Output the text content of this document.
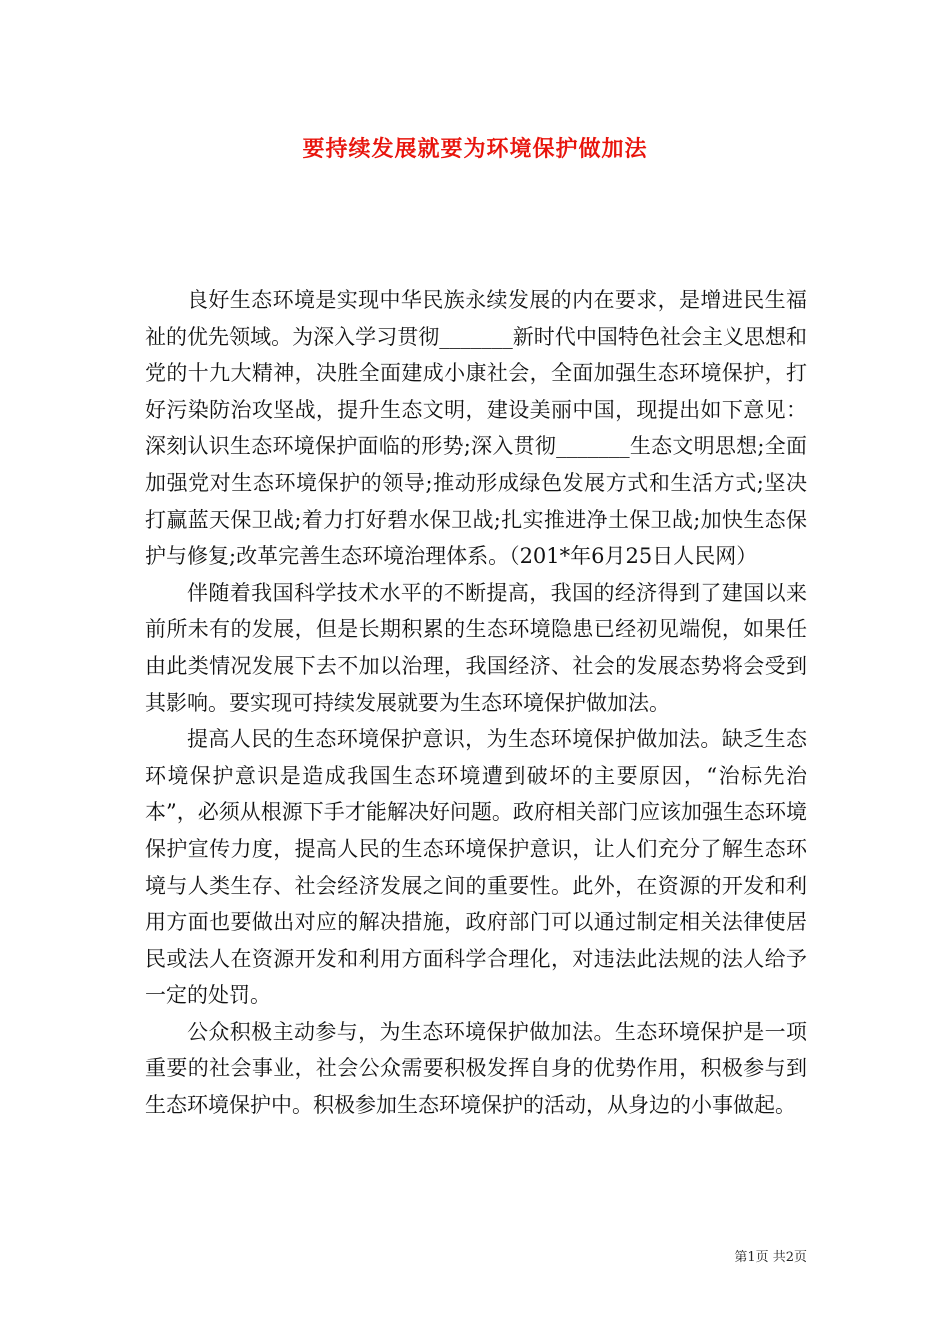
要持续发展就要为环境保护做加法

良好生态环境是实现中华民族永续发展的内在要求，是增进民生福祉的优先领域。为深入学习贯彻_______新时代中国特色社会主义思想和党的十九大精神，决胜全面建成小康社会，全面加强生态环境保护，打好污染防治攻坚战，提升生态文明，建设美丽中国，现提出如下意见：深刻认识生态环境保护面临的形势;深入贯彻_______生态文明思想;全面加强党对生态环境保护的领导;推动形成绿色发展方式和生活方式;坚决打赢蓝天保卫战;着力打好碧水保卫战;扎实推进净土保卫战;加快生态保护与修复;改革完善生态环境治理体系。（201*年6月25日人民网）

伴随着我国科学技术水平的不断提高，我国的经济得到了建国以来前所未有的发展，但是长期积累的生态环境隐患已经初见端倪，如果任由此类情况发展下去不加以治理，我国经济、社会的发展态势将会受到其影响。要实现可持续发展就要为生态环境保护做加法。

提高人民的生态环境保护意识，为生态环境保护做加法。缺乏生态环境保护意识是造成我国生态环境遭到破坏的主要原因，“治标先治本”，必须从根源下手才能解决好问题。政府相关部门应该加强生态环境保护宣传力度，提高人民的生态环境保护意识，让人们充分了解生态环境与人类生存、社会经济发展之间的重要性。此外，在资源的开发和利用方面也要做出对应的解决措施，政府部门可以通过制定相关法律使居民或法人在资源开发和利用方面科学合理化，对违法此法规的法人给予一定的处罚。

公众积极主动参与，为生态环境保护做加法。生态环境保护是一项重要的社会事业，社会公众需要积极发挥自身的优势作用，积极参与到生态环境保护中。积极参加生态环境保护的活动，从身边的小事做起。

第1页 共2页
